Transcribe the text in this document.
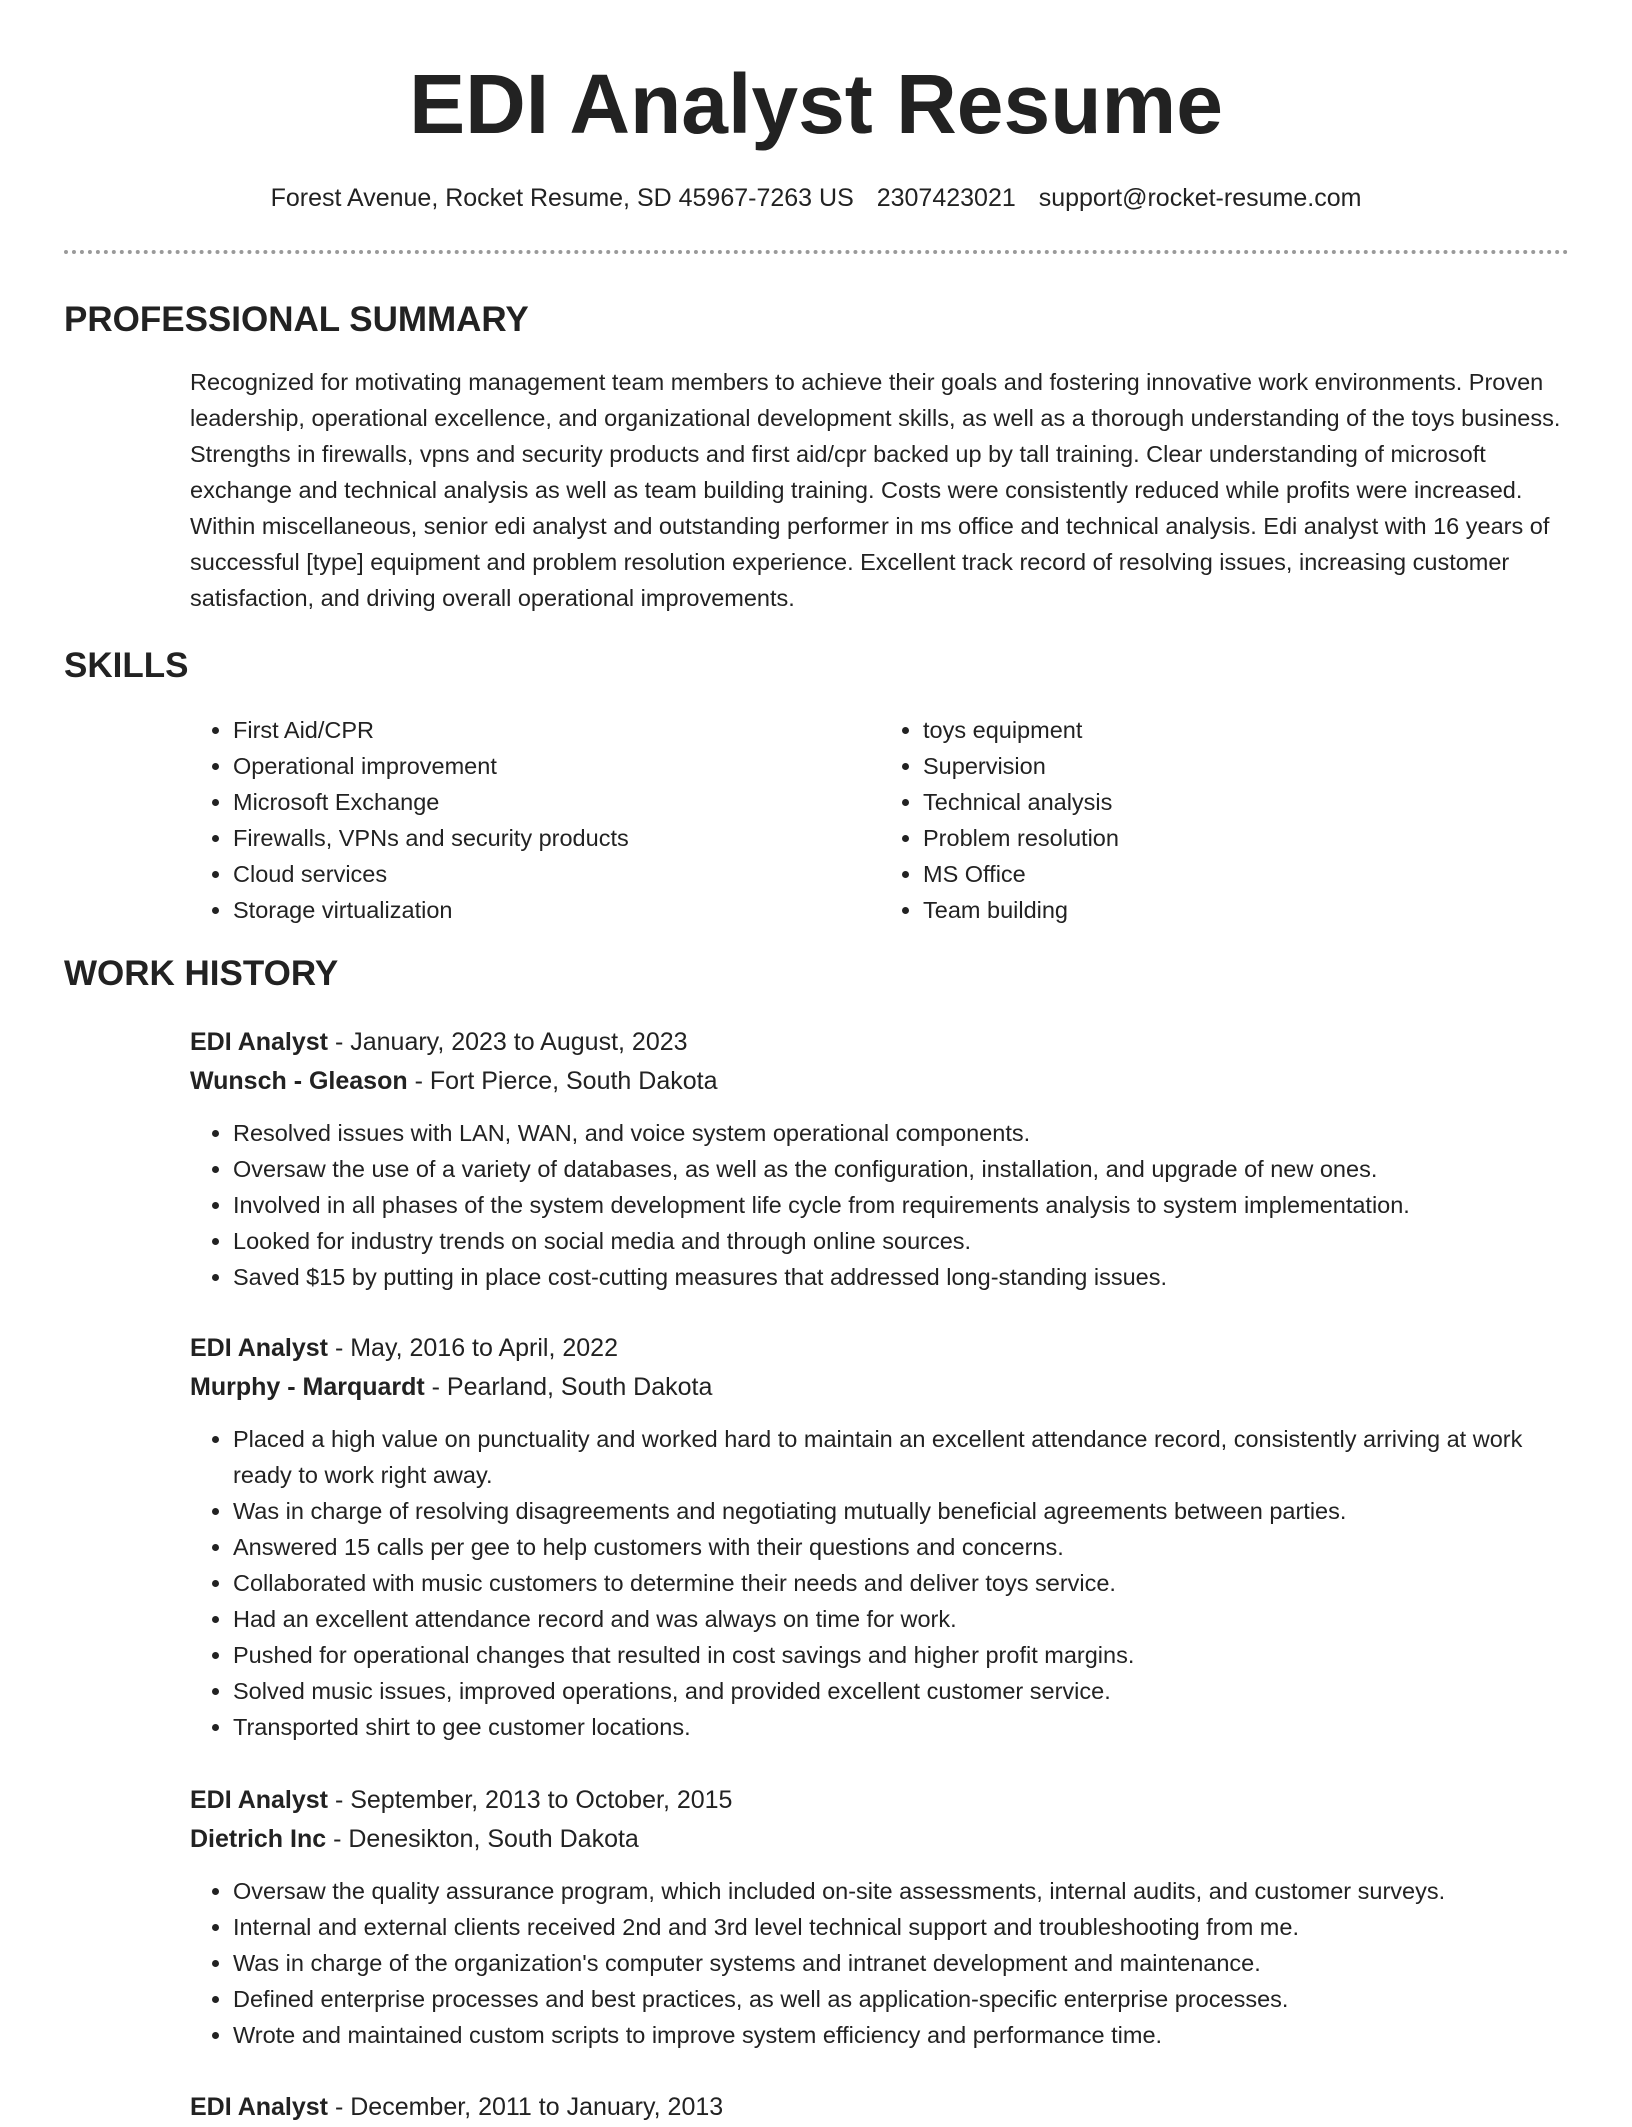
EDI Analyst Resume
Forest Avenue, Rocket Resume, SD 45967-7263 US 2307423021 support@rocket-resume.com
PROFESSIONAL SUMMARY

Recognized for motivating management team members to achieve their goals and fostering innovative work environments. Proven leadership, operational excellence, and organizational development skills, as well as a thorough understanding of the toys business. Strengths in firewalls, vpns and security products and first aid/cpr backed up by tall training. Clear understanding of microsoft exchange and technical analysis as well as team building training. Costs were consistently reduced while profits were increased. Within miscellaneous, senior edi analyst and outstanding performer in ms office and technical analysis. Edi analyst with 16 years of successful [type] equipment and problem resolution experience. Excellent track record of resolving issues, increasing customer satisfaction, and driving overall operational improvements.

SKILLS
• First Aid/CPR
• Operational improvement
• Microsoft Exchange
• Firewalls, VPNs and security products
• Cloud services
• Storage virtualization
• toys equipment
• Supervision
• Technical analysis
• Problem resolution
• MS Office
• Team building
WORK HISTORY

EDI Analyst - January, 2023 to August, 2023

Wunsch - Gleason - Fort Pierce, South Dakota

• Resolved issues with LAN, WAN, and voice system operational components.
• Oversaw the use of a variety of databases, as well as the configuration, installation, and upgrade of new ones.
• Involved in all phases of the system development life cycle from requirements analysis to system implementation.
• Looked for industry trends on social media and through online sources.
• Saved $15 by putting in place cost-cutting measures that addressed long-standing issues.

EDI Analyst - May, 2016 to April, 2022

Murphy - Marquardt - Pearland, South Dakota

• Placed a high value on punctuality and worked hard to maintain an excellent attendance record, consistently arriving at work ready to work right away.
• Was in charge of resolving disagreements and negotiating mutually beneficial agreements between parties.
• Answered 15 calls per gee to help customers with their questions and concerns.
• Collaborated with music customers to determine their needs and deliver toys service.
• Had an excellent attendance record and was always on time for work.
• Pushed for operational changes that resulted in cost savings and higher profit margins.
• Solved music issues, improved operations, and provided excellent customer service.
• Transported shirt to gee customer locations.

EDI Analyst - September, 2013 to October, 2015

Dietrich Inc - Denesikton, South Dakota

• Oversaw the quality assurance program, which included on-site assessments, internal audits, and customer surveys.
• Internal and external clients received 2nd and 3rd level technical support and troubleshooting from me.
• Was in charge of the organization's computer systems and intranet development and maintenance.
• Defined enterprise processes and best practices, as well as application-specific enterprise processes.
• Wrote and maintained custom scripts to improve system efficiency and performance time.

EDI Analyst - December, 2011 to January, 2013
